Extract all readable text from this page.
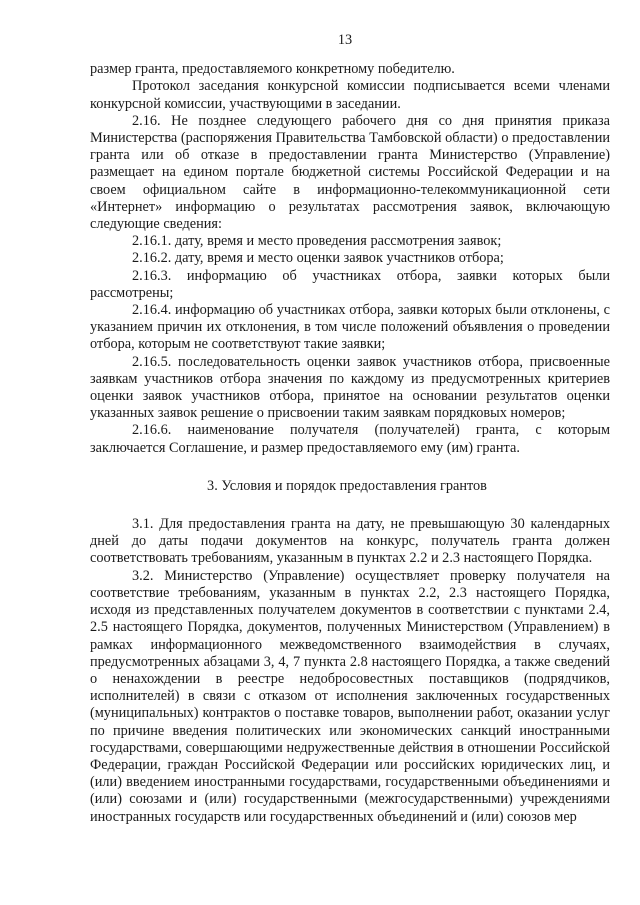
13

размер гранта, предоставляемого конкретному победителю.

Протокол заседания конкурсной комиссии подписывается всеми членами конкурсной комиссии, участвующими в заседании.

2.16. Не позднее следующего рабочего дня со дня принятия приказа Министерства (распоряжения Правительства Тамбовской области) о предоставлении гранта или об отказе в предоставлении гранта Министерство (Управление) размещает на едином портале бюджетной системы Российской Федерации и на своем официальном сайте в информационно-телекоммуникационной сети «Интернет» информацию о результатах рассмотрения заявок, включающую следующие сведения:

2.16.1. дату, время и место проведения рассмотрения заявок;

2.16.2. дату, время и место оценки заявок участников отбора;

2.16.3. информацию об участниках отбора, заявки которых были рассмотрены;

2.16.4. информацию об участниках отбора, заявки которых были отклонены, с указанием причин их отклонения, в том числе положений объявления о проведении отбора, которым не соответствуют такие заявки;

2.16.5. последовательность оценки заявок участников отбора, присвоенные заявкам участников отбора значения по каждому из предусмотренных критериев оценки заявок участников отбора, принятое на основании результатов оценки указанных заявок решение о присвоении таким заявкам порядковых номеров;

2.16.6. наименование получателя (получателей) гранта, с которым заключается Соглашение, и размер предоставляемого ему (им) гранта.

3. Условия и порядок предоставления грантов

3.1. Для предоставления гранта на дату, не превышающую 30 календарных дней до даты подачи документов на конкурс, получатель гранта должен соответствовать требованиям, указанным в пунктах 2.2 и 2.3 настоящего Порядка.

3.2. Министерство (Управление) осуществляет проверку получателя на соответствие требованиям, указанным в пунктах 2.2, 2.3 настоящего Порядка, исходя из представленных получателем документов в соответствии с пунктами 2.4, 2.5 настоящего Порядка, документов, полученных Министерством (Управлением) в рамках информационного межведомственного взаимодействия в случаях, предусмотренных абзацами 3, 4, 7 пункта 2.8 настоящего Порядка, а также сведений о ненахождении в реестре недобросовестных поставщиков (подрядчиков, исполнителей) в связи с отказом от исполнения заключенных государственных (муниципальных) контрактов о поставке товаров, выполнении работ, оказании услуг по причине введения политических или экономических санкций иностранными государствами, совершающими недружественные действия в отношении Российской Федерации, граждан Российской Федерации или российских юридических лиц, и (или) введением иностранными государствами, государственными объединениями и (или) союзами и (или) государственными (межгосударственными) учреждениями иностранных государств или государственных объединений и (или) союзов мер
